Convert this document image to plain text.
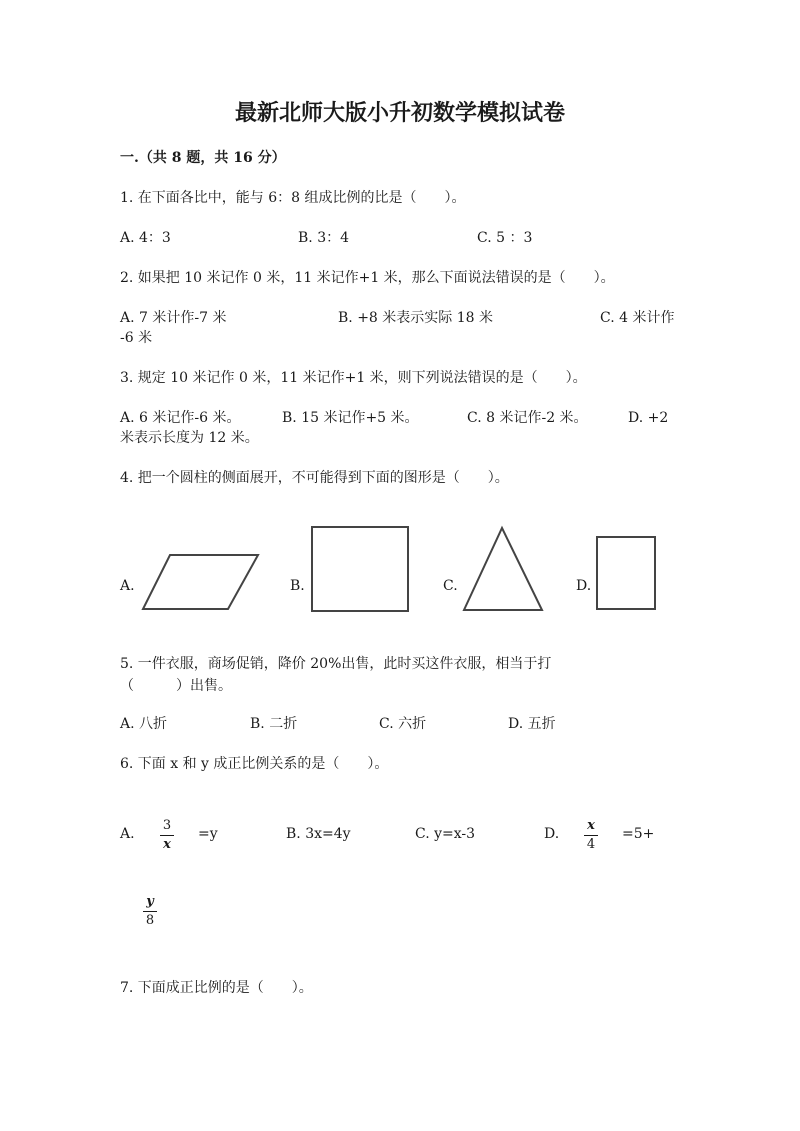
最新北师大版小升初数学模拟试卷
一.（共 8 题，共 16 分）
1. 在下面各比中，能与 6：8 组成比例的比是（　　）。
A. 4：3	B. 3：4	C. 5 ：3
2. 如果把 10 米记作 0 米，11 米记作+1 米，那么下面说法错误的是（　　）。
A. 7 米计作-7 米	B. +8 米表示实际 18 米	C. 4 米计作
-6 米
3. 规定 10 米记作 0 米，11 米记作+1 米，则下列说法错误的是（　　）。
A. 6 米记作-6 米。	B. 15 米记作+5 米。	C. 8 米记作-2 米。	D. +2
米表示长度为 12 米。
4. 把一个圆柱的侧面展开，不可能得到下面的图形是（　　）。
A.	B.	C.	D.
5. 一件衣服，商场促销，降价 20%出售，此时买这件衣服，相当于打
（　　　）出售。
A. 八折	B. 二折	C. 六折	D. 五折
6. 下面 x 和 y 成正比例关系的是（　　）。
A.
3
x
=y	B. 3x=4y	C. y=x-3	D.
x
4
=5+
y
8
7. 下面成正比例的是（　　）。
